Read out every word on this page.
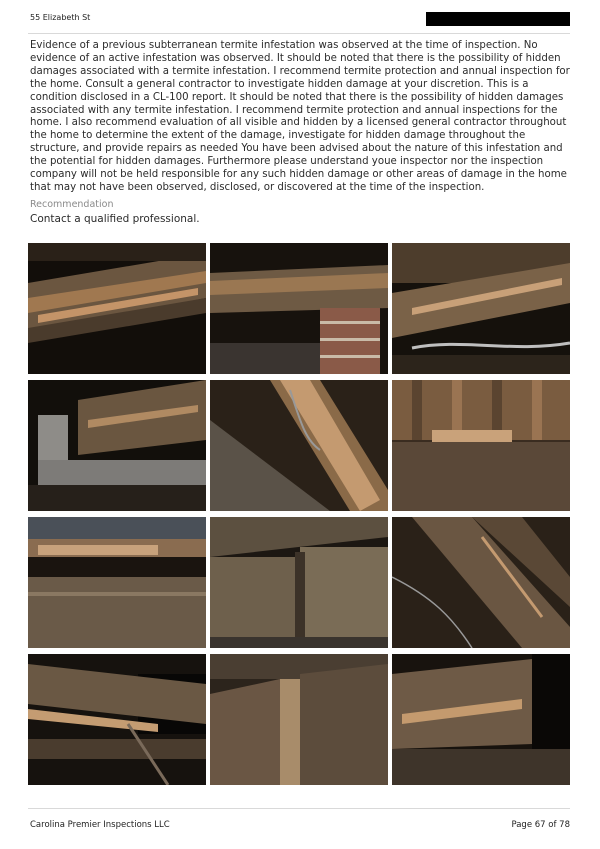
55 Elizabeth St

Evidence of a previous subterranean termite infestation was observed at the time of inspection. No evidence of an active infestation was observed. It should be noted that there is the possibility of hidden damages associated with a termite infestation. I recommend termite protection and annual inspection for the home. Consult a general contractor to investigate hidden damage at your discretion. This is a condition disclosed in a CL-100 report. It should be noted that there is the possibility of hidden damages associated with any termite infestation. I recommend termite protection and annual inspections for the home. I also recommend evaluation of all visible and hidden by a licensed general contractor throughout the home to determine the extent of the damage, investigate for hidden damage throughout the structure, and provide repairs as needed You have been advised about the nature of this infestation and the potential for hidden damages. Furthermore please understand youe inspector nor the inspection company will not be held responsible for any such hidden damage or other areas of damage in the home that may not have been observed, disclosed, or discovered at the time of the inspection.

Recommendation
Contact a qualified professional.
Carolina Premier Inspections LLC	Page 67 of 78
